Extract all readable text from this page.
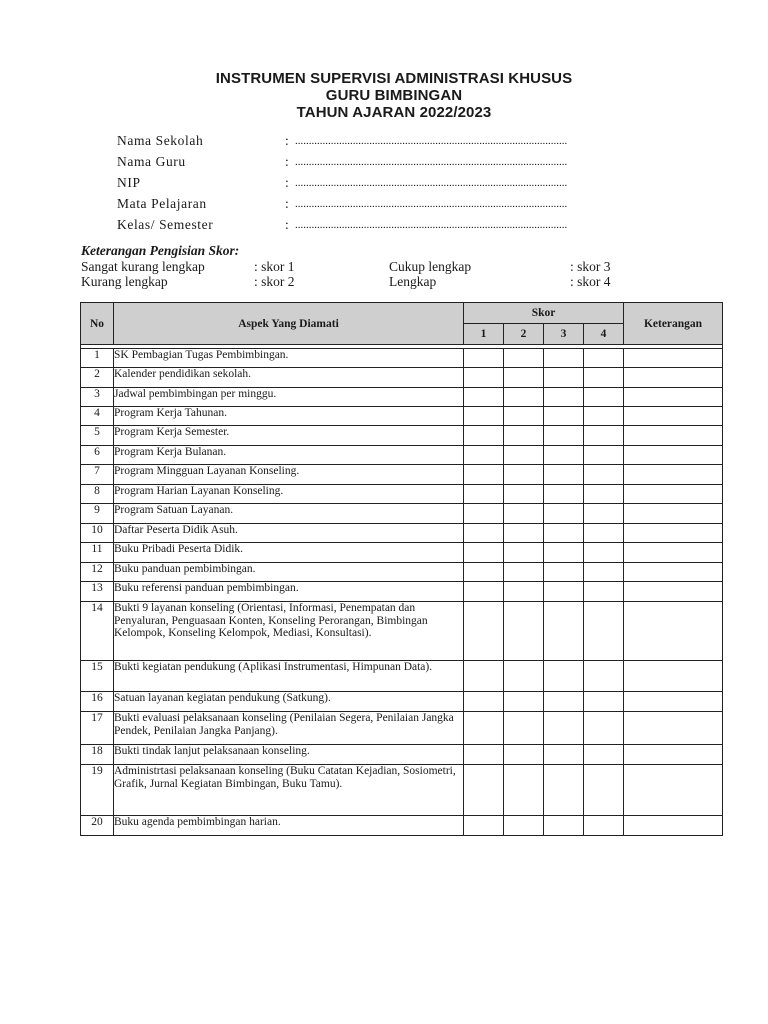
INSTRUMEN SUPERVISI ADMINISTRASI KHUSUS
GURU BIMBINGAN
TAHUN AJARAN 2022/2023
Nama Sekolah	: ...................................................................................................
Nama Guru	: ...................................................................................................
NIP	: ...................................................................................................
Mata Pelajaran	: ...................................................................................................
Kelas/ Semester	: ...................................................................................................
Keterangan Pengisian Skor:
Sangat kurang lengkap	: skor 1
Kurang lengkap	: skor 2
Cukup lengkap	: skor 3
Lengkap	: skor 4
No	Aspek Yang Diamati	Skor				Keterangan
		1	2	3	4	

1	SK Pembagian Tugas Pembimbingan.					
2	Kalender pendidikan sekolah.					
3	Jadwal pembimbingan per minggu.					
4	Program Kerja Tahunan.					
5	Program Kerja Semester.					
6	Program Kerja Bulanan.					
7	Program Mingguan Layanan Konseling.					
8	Program Harian Layanan Konseling.					
9	Program Satuan Layanan.					
10	Daftar Peserta Didik Asuh.					
11	Buku Pribadi Peserta Didik.					
12	Buku panduan pembimbingan.					
13	Buku referensi panduan pembimbingan.					
14	Bukti 9 layanan konseling (Orientasi, Informasi, Penempatan dan Penyaluran, Penguasaan Konten, Konseling Perorangan, Bimbingan Kelompok, Konseling Kelompok, Mediasi, Konsultasi).					
15	Bukti kegiatan pendukung (Aplikasi Instrumentasi, Himpunan Data).					
16	Satuan layanan kegiatan pendukung (Satkung).					
17	Bukti evaluasi pelaksanaan konseling (Penilaian Segera, Penilaian Jangka Pendek, Penilaian Jangka Panjang).					
18	Bukti tindak lanjut pelaksanaan konseling.					
19	Administrtasi pelaksanaan konseling (Buku Catatan Kejadian, Sosiometri, Grafik, Jurnal Kegiatan Bimbingan, Buku Tamu).					
20	Buku agenda pembimbingan harian.					
